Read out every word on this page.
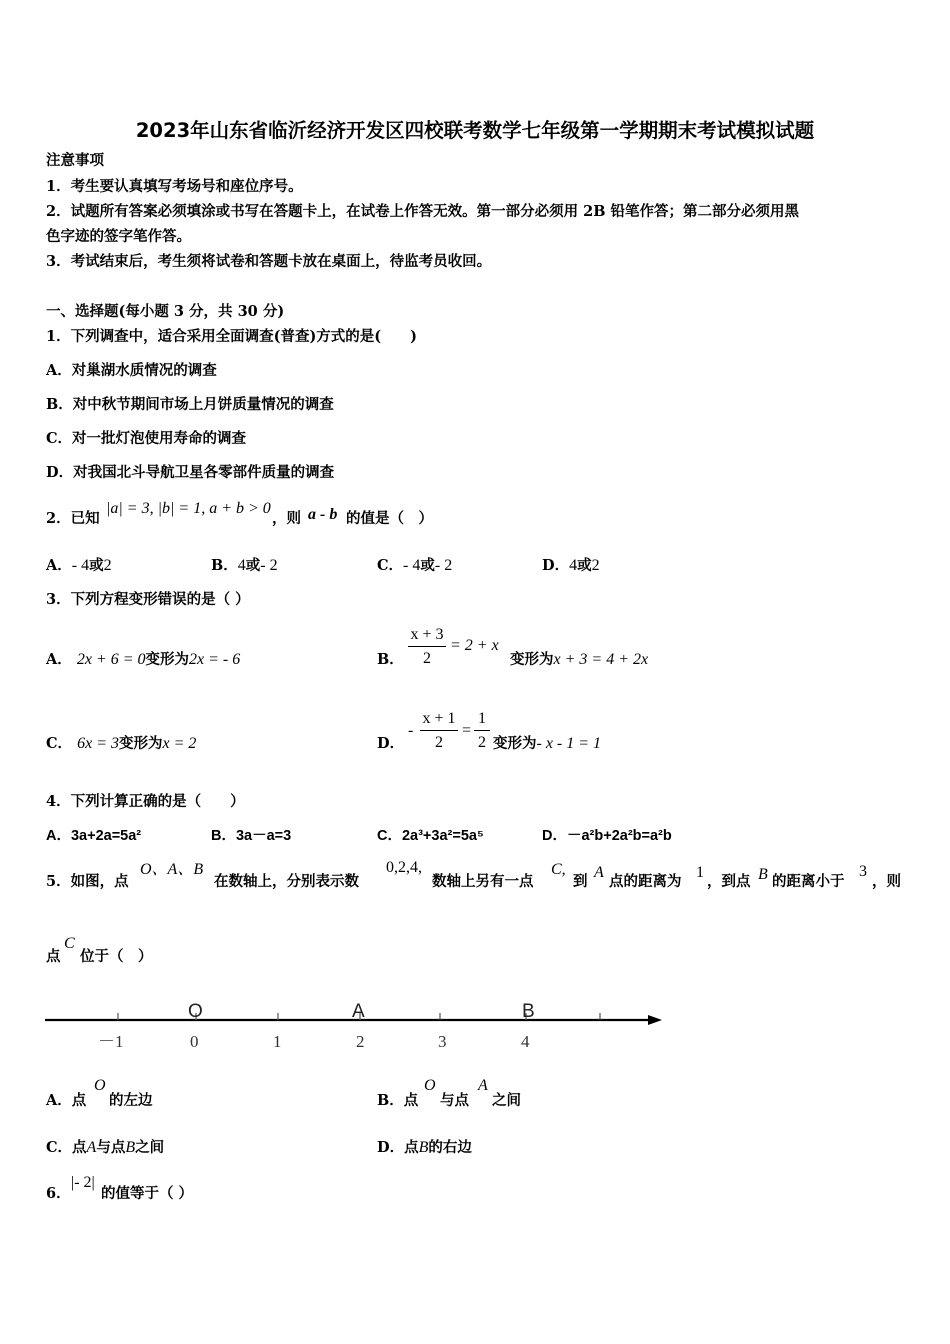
2023年山东省临沂经济开发区四校联考数学七年级第一学期期末考试模拟试题
注意事项
1．考生要认真填写考场号和座位序号。
2．试题所有答案必须填涂或书写在答题卡上，在试卷上作答无效。第一部分必须用 2B 铅笔作答；第二部分必须用黑
色字迹的签字笔作答。
3．考试结束后，考生须将试卷和答题卡放在桌面上，待监考员收回。
一、选择题(每小题 3 分，共 30 分)
1．下列调查中，适合采用全面调查(普查)方式的是(　　)
A．对巢湖水质情况的调查
B．对中秋节期间市场上月饼质量情况的调查
C．对一批灯泡使用寿命的调查
D．对我国北斗导航卫星各零部件质量的调查
2．已知
|a| = 3, |b| = 1, a + b > 0
，则 a - b 的值是（　）
A．- 4或2	B．4或- 2	C．- 4或- 2	D．4或2
3．下列方程变形错误的是（ ）
A． 2x + 6 = 0变形为2x = - 6	B．
x + 3
2
= 2 + x
变形为x + 3 = 4 + 2x
C． 6x = 3变形为x = 2	D．
-
x + 1
2
=
1
2 变形为- x - 1 = 1
4．下列计算正确的是（　　）
A．3a+2a=5a²	B．3a－a=3	C．2a³+3a²=5a⁵	D．－a²b+2a²b=a²b
5．如图，点
O、A、B
在数轴上，分别表示数
0,2,4,
数轴上另有一点
C,
到
A
点的距离为
1
，到点 B 的距离小于
3
，则
点
C
位于（　）
O	A	B
－1	0	1	2	3	4
A．点
O
的左边	B．点
O
与点
A
之间
C．点A与点B之间	D．点B的右边
6．
|- 2|
的值等于（ ）
